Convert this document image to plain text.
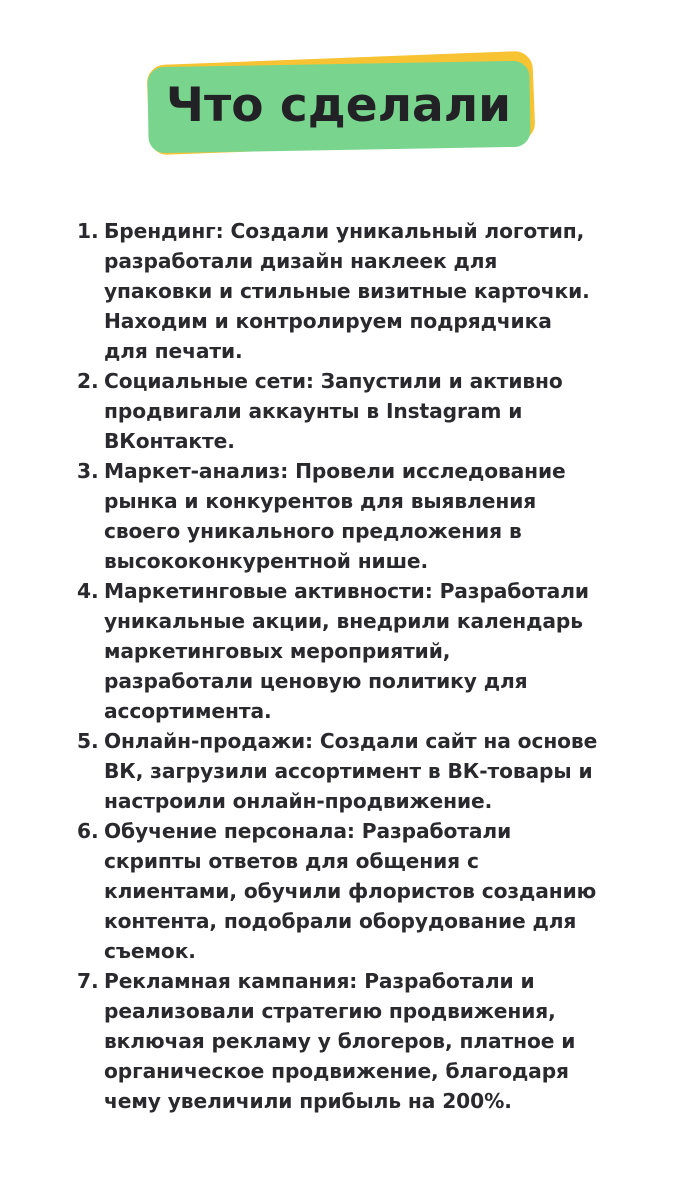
Что сделали
1. Брендинг: Создали уникальный логотип,
разработали дизайн наклеек для
упаковки и стильные визитные карточки.
Находим и контролируем подрядчика
для печати.
2. Социальные сети: Запустили и активно
продвигали аккаунты в Instagram и
ВКонтакте.
3. Маркет-анализ: Провели исследование
рынка и конкурентов для выявления
своего уникального предложения в
высококонкурентной нише.
4. Маркетинговые активности: Разработали
уникальные акции, внедрили календарь
маркетинговых мероприятий,
разработали ценовую политику для
ассортимента.
5. Онлайн-продажи: Создали сайт на основе
ВК, загрузили ассортимент в ВК-товары и
настроили онлайн-продвижение.
6. Обучение персонала: Разработали
скрипты ответов для общения с
клиентами, обучили флористов созданию
контента, подобрали оборудование для
съемок.
7. Рекламная кампания: Разработали и
реализовали стратегию продвижения,
включая рекламу у блогеров, платное и
органическое продвижение, благодаря
чему увеличили прибыль на 200%.
